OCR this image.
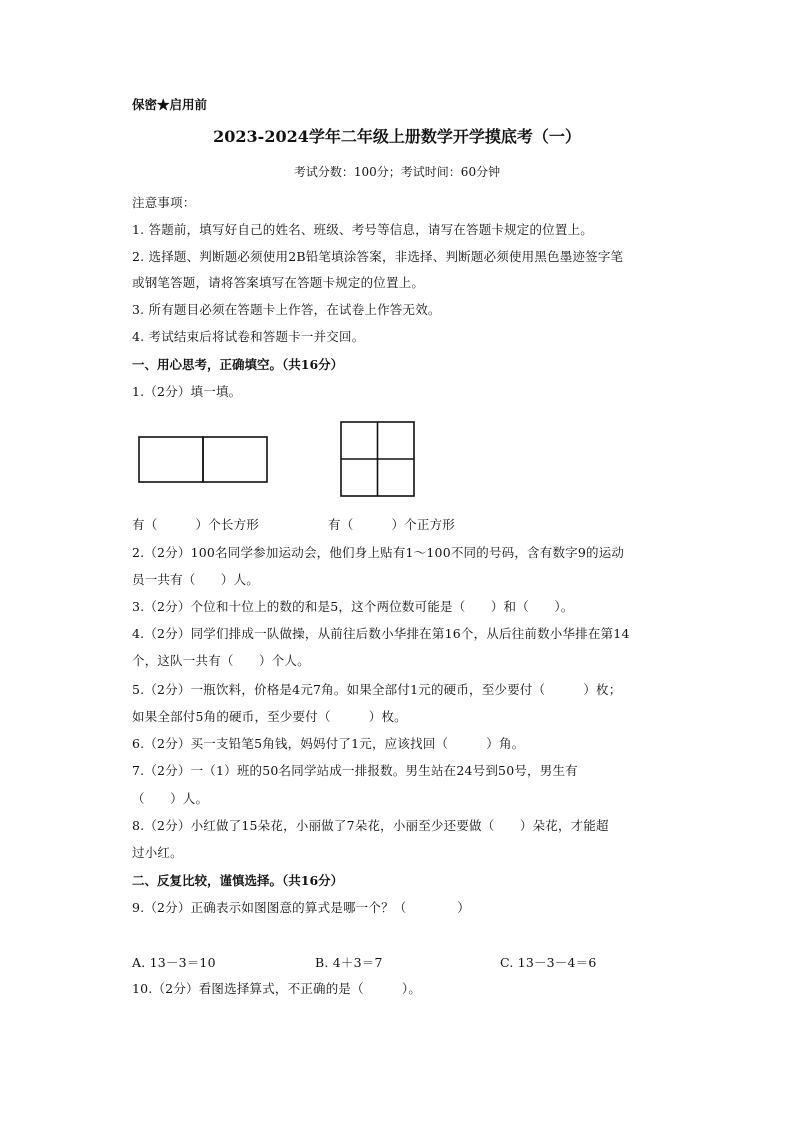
保密★启用前
2023-2024学年二年级上册数学开学摸底考（一）
考试分数：100分；考试时间：60分钟
注意事项：
1. 答题前，填写好自己的姓名、班级、考号等信息，请写在答题卡规定的位置上。
2. 选择题、判断题必须使用2B铅笔填涂答案，非选择、判断题必须使用黑色墨迹签字笔
或钢笔答题，请将答案填写在答题卡规定的位置上。
3. 所有题目必须在答题卡上作答，在试卷上作答无效。
4. 考试结束后将试卷和答题卡一并交回。
一、用心思考，正确填空。（共16分）
1.（2分）填一填。
有（　　　）个长方形	有（　　　）个正方形
2.（2分）100名同学参加运动会，他们身上贴有1～100不同的号码，含有数字9的运动
员一共有（　　）人。
3.（2分）个位和十位上的数的和是5，这个两位数可能是（　　）和（　　）。
4.（2分）同学们排成一队做操，从前往后数小华排在第16个，从后往前数小华排在第14
个，这队一共有（　　）个人。
5.（2分）一瓶饮料，价格是4元7角。如果全部付1元的硬币，至少要付（　　　）枚；
如果全部付5角的硬币，至少要付（　　　）枚。
6.（2分）买一支铅笔5角钱，妈妈付了1元，应该找回（　　　）角。
7.（2分）一（1）班的50名同学站成一排报数。男生站在24号到50号，男生有
（　　）人。
8.（2分）小红做了15朵花，小丽做了7朵花，小丽至少还要做（　　）朵花，才能超
过小红。
二、反复比较，谨慎选择。（共16分）
9.（2分）正确表示如图图意的算式是哪一个？（　　　　）
A. 13－3＝10	B. 4＋3＝7	C. 13－3－4＝6
10.（2分）看图选择算式，不正确的是（　　　）。
